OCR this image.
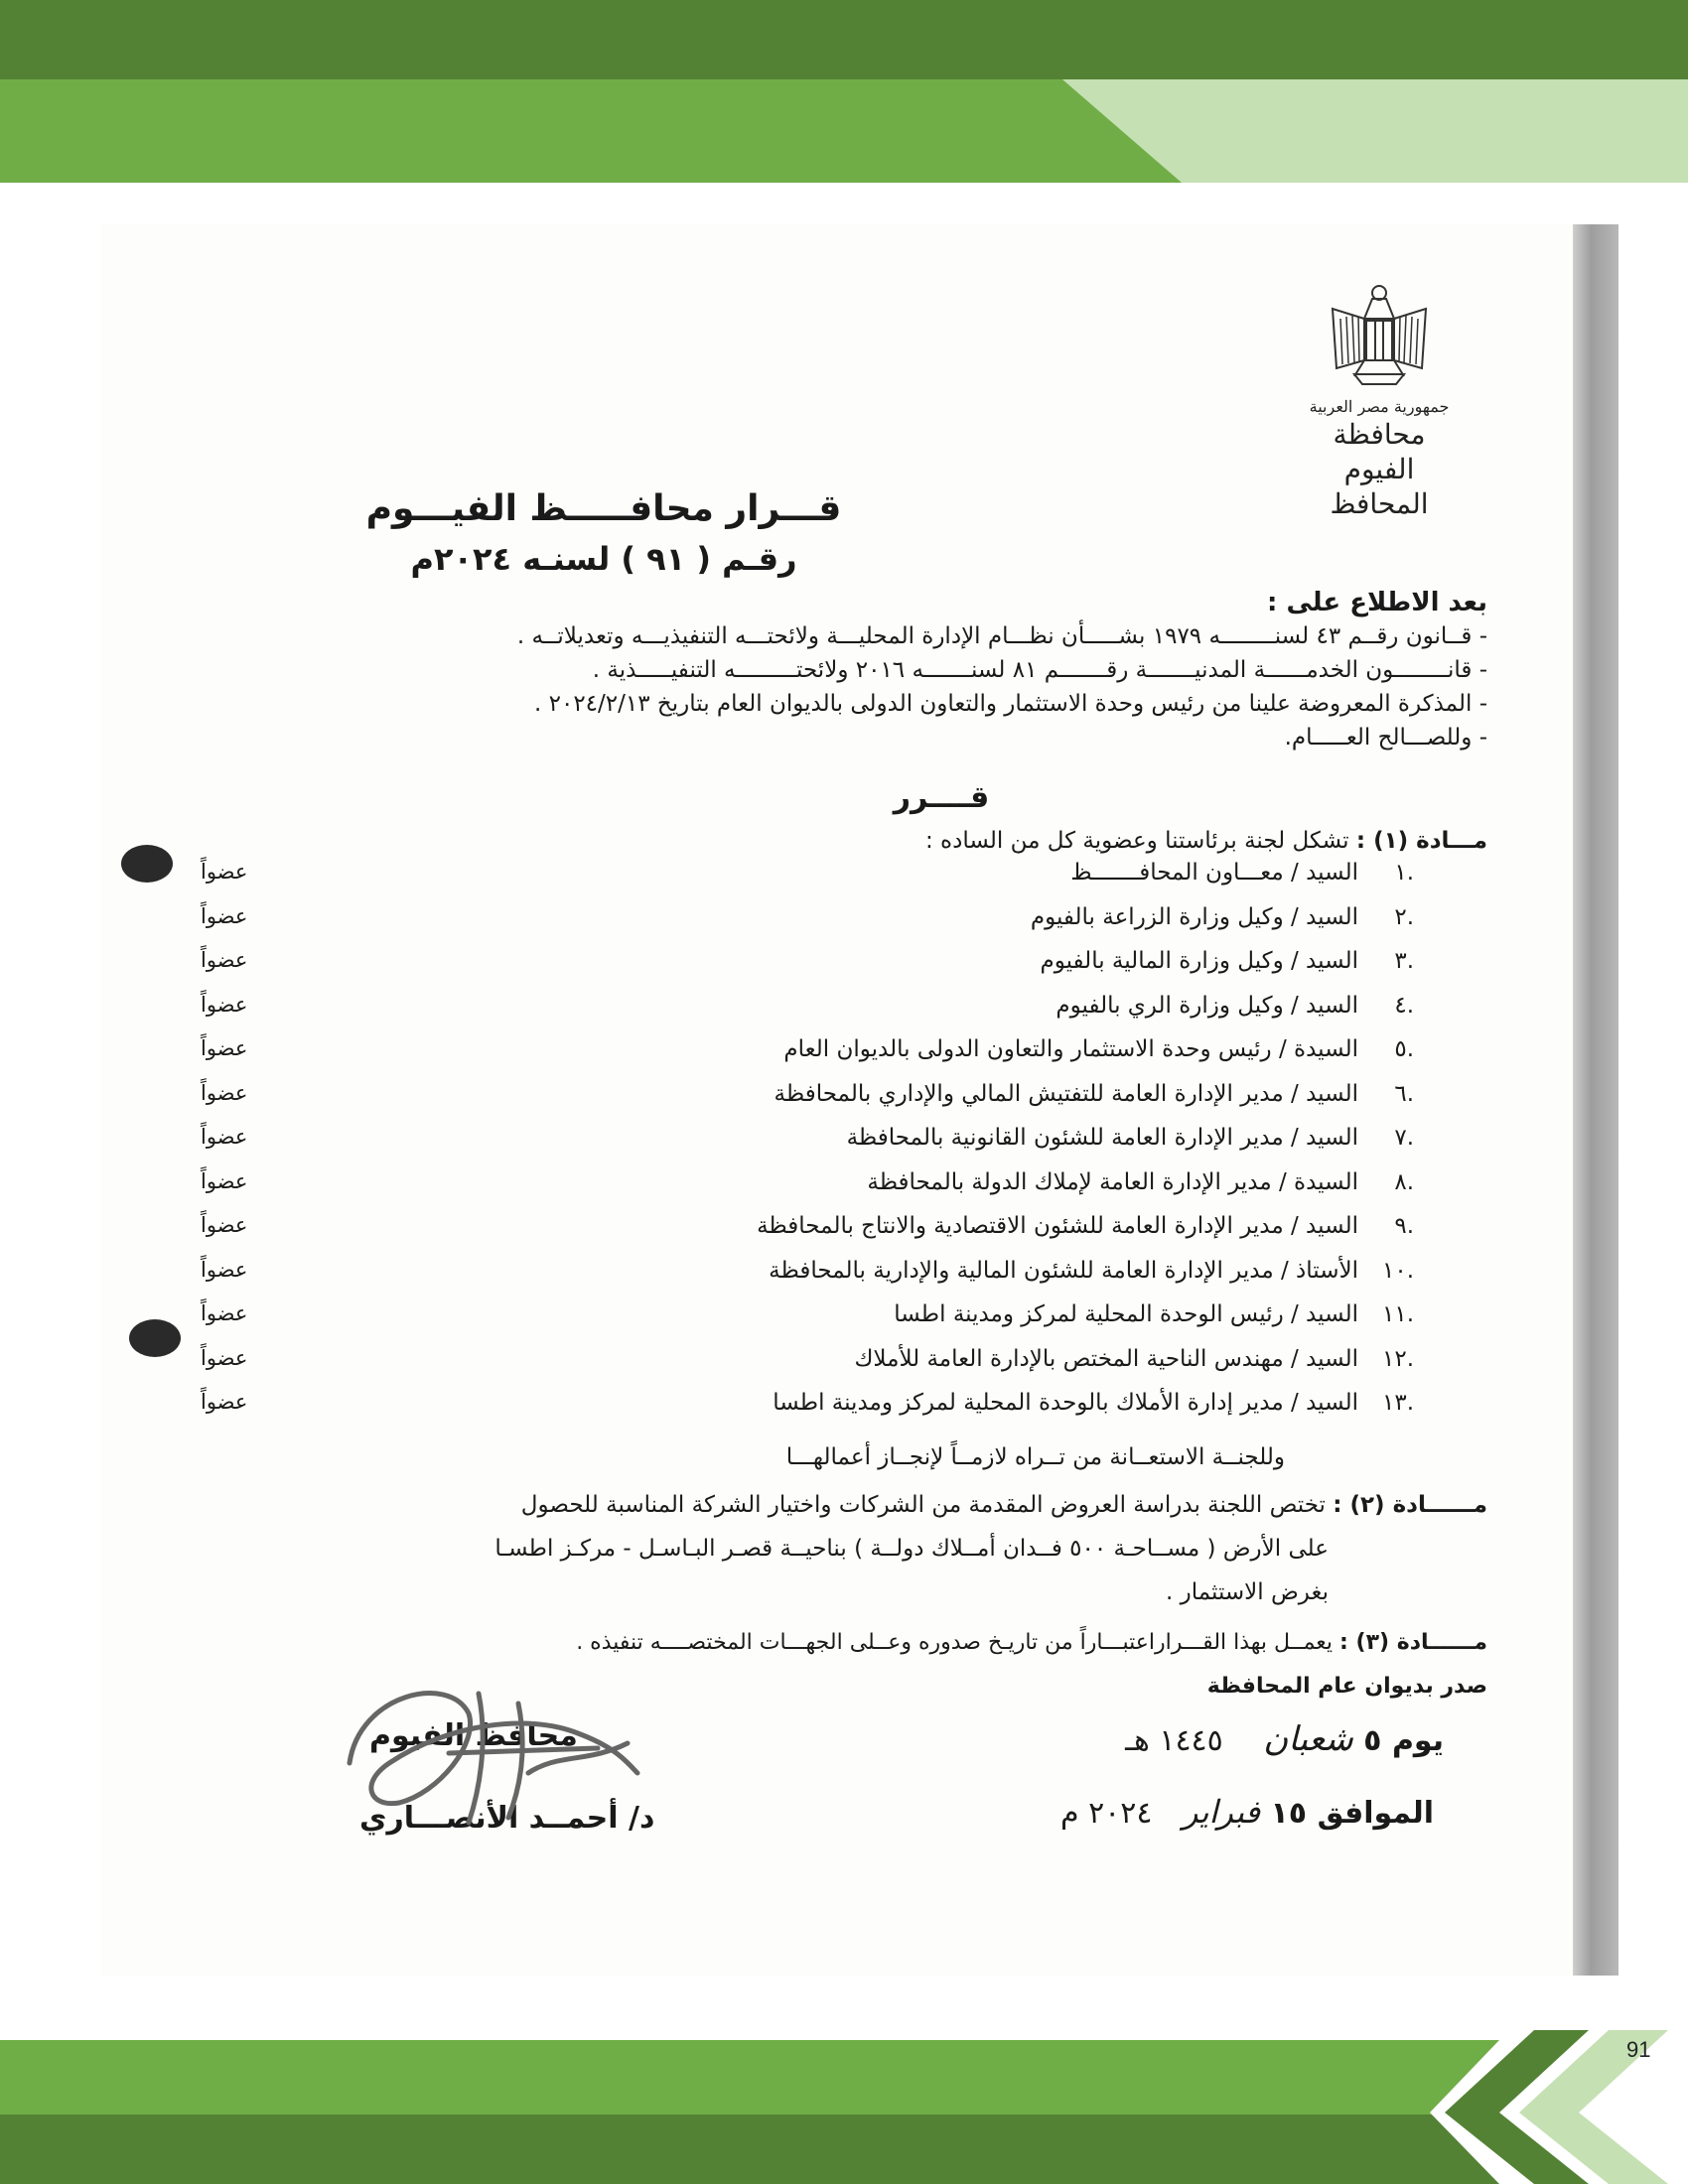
91
جمهورية مصر العربية
محافظة الفيوم
المحافظ
قـــرار محافـــــظ الفيـــوم
رقـم ( ٩١ ) لسنـه ٢٠٢٤م
بعد الاطلاع على :
- قــانون رقــم ٤٣ لسنــــــــه ١٩٧٩ بشـــــأن نظـــام الإدارة المحليـــة ولائحتـــه التنفيذيـــه وتعديلاتــه .
- قانــــــــون الخدمــــــة المدنيـــــــة رقـــــــم ٨١ لسنـــــــه ٢٠١٦ ولائحتـــــــــه التنفيـــــذية .
- المذكرة المعروضة علينا من رئيس وحدة الاستثمار والتعاون الدولى بالديوان العام بتاريخ ٢٠٢٤/٢/١٣ .
- وللصـــالح العـــــام.
قــــرر
مـــادة (١) : تشكل لجنة برئاستنا وعضوية كل من الساده :
.١
السيد / معـــاون المحافـــــــظ
عضواً
.٢
السيد / وكيل وزارة الزراعة بالفيوم
عضواً
.٣
السيد / وكيل وزارة المالية بالفيوم
عضواً
.٤
السيد / وكيل وزارة الري بالفيوم
عضواً
.٥
السيدة / رئيس وحدة الاستثمار والتعاون الدولى بالديوان العام
عضواً
.٦
السيد / مدير الإدارة العامة للتفتيش المالي والإداري بالمحافظة
عضواً
.٧
السيد / مدير الإدارة العامة للشئون القانونية بالمحافظة
عضواً
.٨
السيدة / مدير الإدارة العامة لإملاك الدولة بالمحافظة
عضواً
.٩
السيد / مدير الإدارة العامة للشئون الاقتصادية والانتاج بالمحافظة
عضواً
.١٠
الأستاذ / مدير الإدارة العامة للشئون المالية والإدارية بالمحافظة
عضواً
.١١
السيد / رئيس الوحدة المحلية لمركز ومدينة اطسا
عضواً
.١٢
السيد / مهندس الناحية المختص بالإدارة العامة للأملاك
عضواً
.١٣
السيد / مدير إدارة الأملاك بالوحدة المحلية لمركز ومدينة اطسا
عضواً
وللجنــة الاستعــانة من تــراه لازمــاً لإنجــاز أعمالهـــا
مــــــادة (٢) : تختص اللجنة بدراسة العروض المقدمة من الشركات واختيار الشركة المناسبة للحصول
على الأرض ( مســاحـة ٥٠٠ فــدان أمــلاك دولــة ) بناحيــة قصـر البـاسـل - مركـز اطسـا
بغرض الاستثمار .
مــــــادة (٣) : يعمــل بهذا القـــراراعتبـــاراً من تاريـخ صدوره وعــلى الجهـــات المختصــــه تنفيذه .
صدر بديوان عام المحافظة
يوم ٥ شعبان ١٤٤٥ هـ
الموافق ١٥ فبراير ٢٠٢٤ م
محافظ الفيوم
د/ أحمــد الأنصـــاري
